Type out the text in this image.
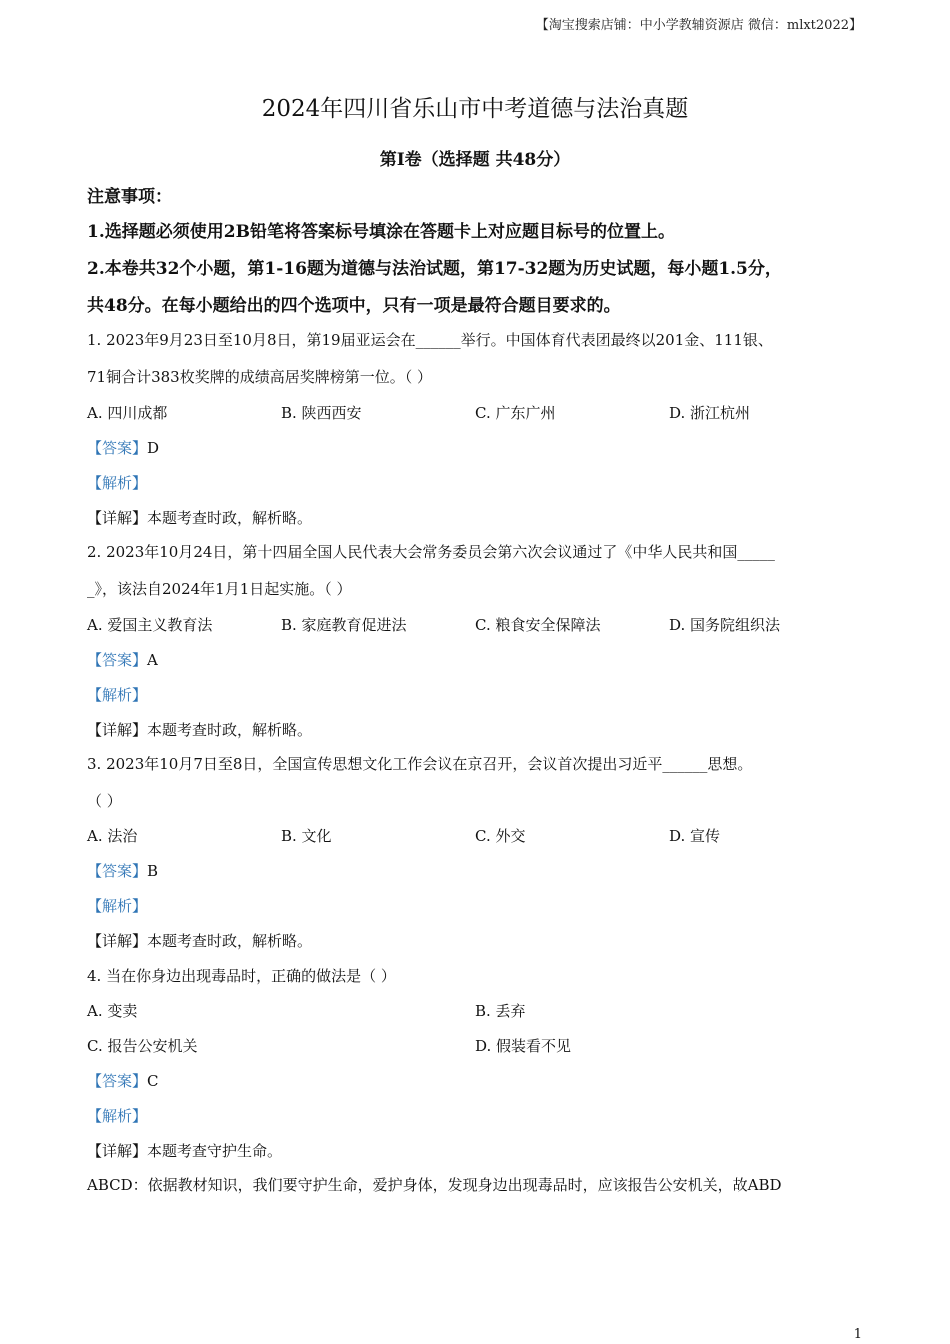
【淘宝搜索店铺：中小学教辅资源店 微信：mlxt2022】
2024年四川省乐山市中考道德与法治真题
第Ⅰ卷（选择题 共48分）
注意事项：
1.选择题必须使用2B铅笔将答案标号填涂在答题卡上对应题目标号的位置上。
2.本卷共32个小题，第1-16题为道德与法治试题，第17-32题为历史试题，每小题1.5分，
共48分。在每小题给出的四个选项中，只有一项是最符合题目要求的。
1. 2023年9月23日至10月8日，第19届亚运会在______举行。中国体育代表团最终以201金、111银、
71铜合计383枚奖牌的成绩高居奖牌榜第一位。（ ）
A. 四川成都	B. 陕西西安	C. 广东广州	D. 浙江杭州
【答案】D
【解析】
【详解】本题考查时政，解析略。
2. 2023年10月24日，第十四届全国人民代表大会常务委员会第六次会议通过了《中华人民共和国_____
_》，该法自2024年1月1日起实施。（ ）
A. 爱国主义教育法	B. 家庭教育促进法	C. 粮食安全保障法	D. 国务院组织法
【答案】A
【解析】
【详解】本题考查时政，解析略。
3. 2023年10月7日至8日，全国宣传思想文化工作会议在京召开，会议首次提出习近平______思想。
（ ）
A. 法治	B. 文化	C. 外交	D. 宣传
【答案】B
【解析】
【详解】本题考查时政，解析略。
4. 当在你身边出现毒品时，正确的做法是（ ）
A. 变卖	B. 丢弃
C. 报告公安机关	D. 假装看不见
【答案】C
【解析】
【详解】本题考查守护生命。
ABCD：依据教材知识，我们要守护生命，爱护身体，发现身边出现毒品时，应该报告公安机关，故ABD
1
